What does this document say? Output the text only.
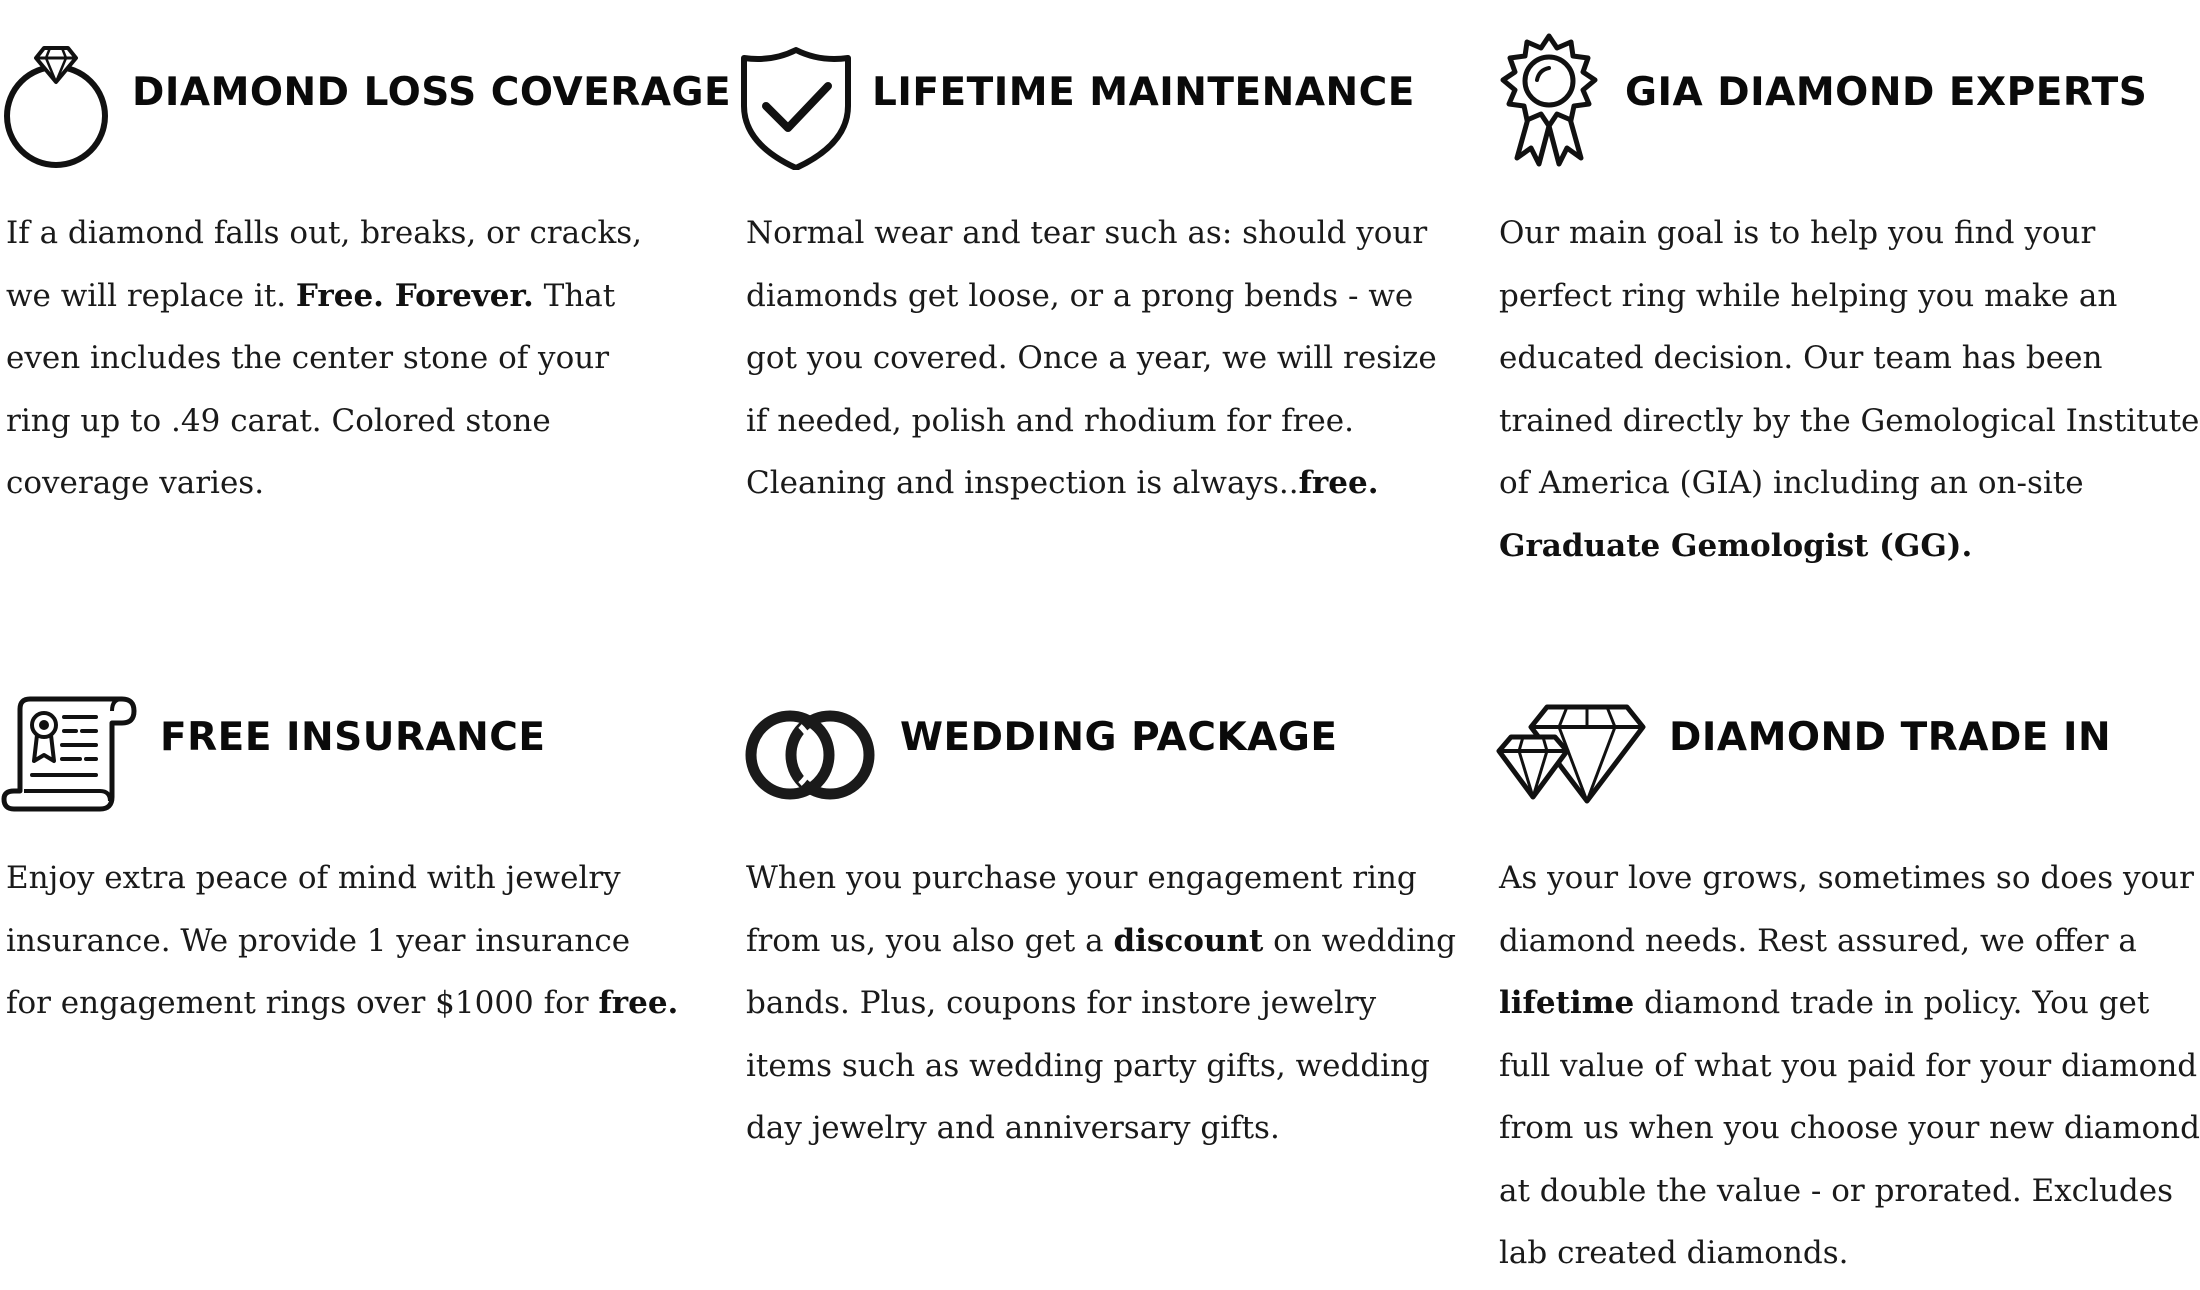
DIAMOND LOSS COVERAGE

If a diamond falls out, breaks, or cracks, we will replace it. Free. Forever. That even includes the center stone of your ring up to .49 carat. Colored stone coverage varies.

LIFETIME MAINTENANCE

Normal wear and tear such as: should your diamonds get loose, or a prong bends - we got you covered. Once a year, we will resize if needed, polish and rhodium for free. Cleaning and inspection is always..free.

GIA DIAMOND EXPERTS

Our main goal is to help you find your perfect ring while helping you make an educated decision. Our team has been trained directly by the Gemological Institute of America (GIA) including an on-site Graduate Gemologist (GG).

FREE INSURANCE

Enjoy extra peace of mind with jewelry insurance. We provide 1 year insurance for engagement rings over $1000 for free.

WEDDING PACKAGE

When you purchase your engagement ring from us, you also get a discount on wedding bands. Plus, coupons for instore jewelry items such as wedding party gifts, wedding day jewelry and anniversary gifts.

DIAMOND TRADE IN

As your love grows, sometimes so does your diamond needs. Rest assured, we offer a lifetime diamond trade in policy. You get full value of what you paid for your diamond from us when you choose your new diamond at double the value - or prorated. Excludes lab created diamonds.
